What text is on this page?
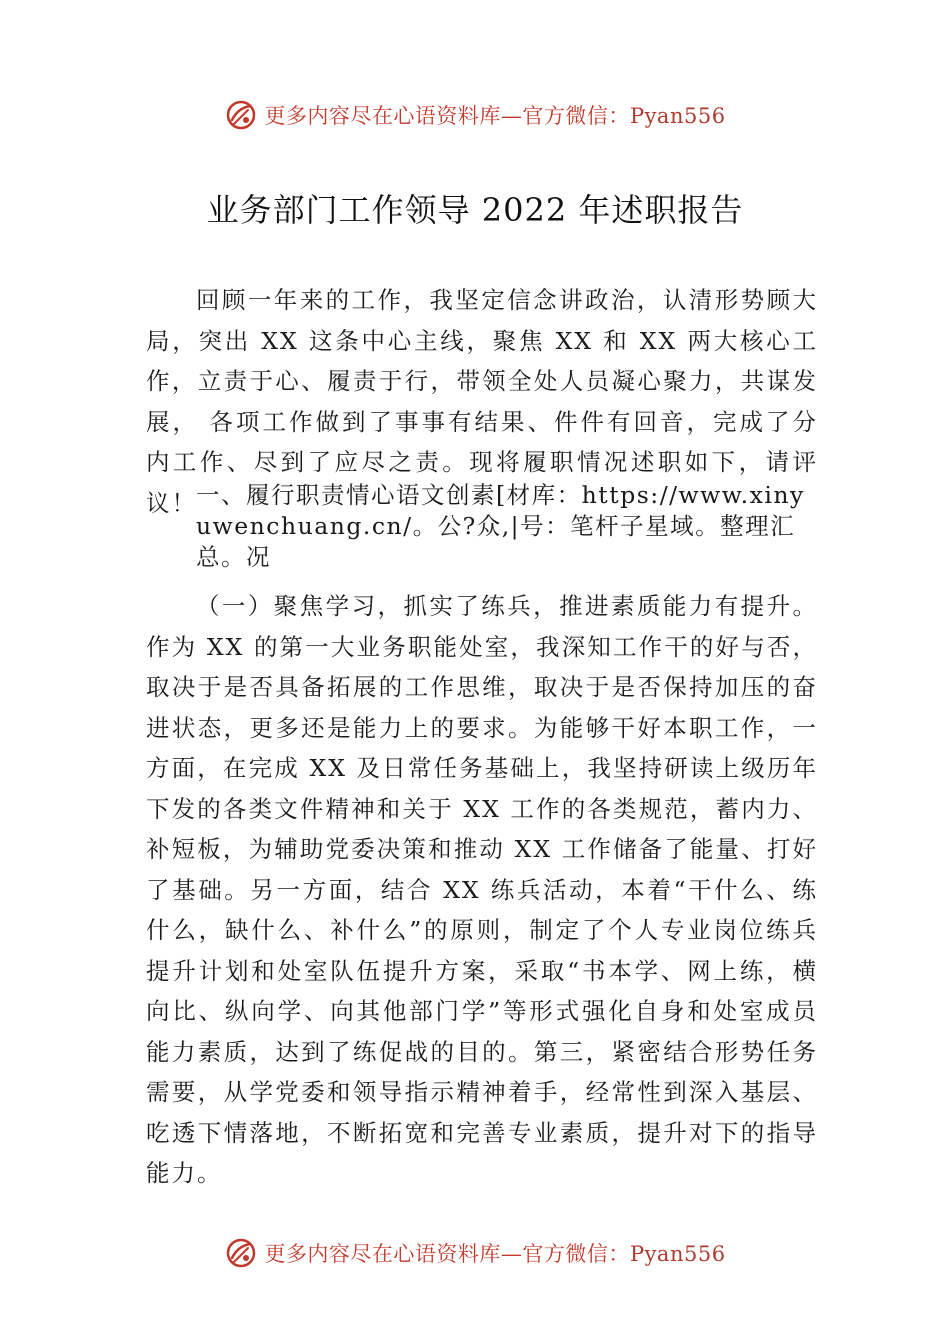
更多内容尽在心语资料库—官方微信：Pyan556
业务部门工作领导 2022 年述职报告
回顾一年来的工作，我坚定信念讲政治，认清形势顾大局，突出 XX 这条中心主线，聚焦 XX 和 XX 两大核心工作，立责于心、履责于行，带领全处人员凝心聚力，共谋发展， 各项工作做到了事事有结果、件件有回音，完成了分内工作、尽到了应尽之责。现将履职情况述职如下，请评议！ 一、履行职责情心语文创素[材库：https://www.xinyuwenchuang.cn/。公?众,|号：笔杆子星域。整理汇总。况
（一）聚焦学习，抓实了练兵，推进素质能力有提升。作为 XX 的第一大业务职能处室，我深知工作干的好与否，取决于是否具备拓展的工作思维，取决于是否保持加压的奋进状态，更多还是能力上的要求。为能够干好本职工作，一方面，在完成 XX 及日常任务基础上，我坚持研读上级历年下发的各类文件精神和关于 XX 工作的各类规范，蓄内力、补短板，为辅助党委决策和推动 XX 工作储备了能量、打好了基础。另一方面，结合 XX 练兵活动，本着“干什么、练什么，缺什么、补什么”的原则，制定了个人专业岗位练兵提升计划和处室队伍提升方案，采取“书本学、网上练，横向比、纵向学、向其他部门学”等形式强化自身和处室成员能力素质，达到了练促战的目的。第三，紧密结合形势任务需要，从学党委和领导指示精神着手，经常性到深入基层、 吃透下情落地，不断拓宽和完善专业素质，提升对下的指导能力。
更多内容尽在心语资料库—官方微信：Pyan556
